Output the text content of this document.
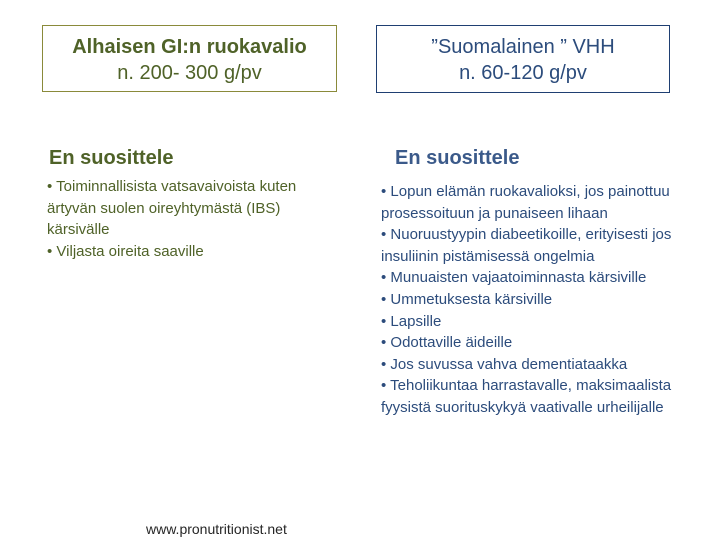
Alhaisen GI:n ruokavalio
n. 200- 300 g/pv
”Suomalainen ” VHH
n. 60-120 g/pv
En suosittele
• Toiminnallisista vatsavaivoista kuten ärtyvän suolen oireyhtymästä (IBS) kärsivälle
• Viljasta oireita saaville
En suosittele
• Lopun elämän ruokavalioksi, jos painottuu prosessoituun ja punaiseen lihaan
• Nuoruustyypin diabeetikoille, erityisesti jos insuliinin pistämisessä ongelmia
• Munuaisten vajaatoiminnasta kärsiville
• Ummetuksesta kärsiville
• Lapsille
• Odottaville äideille
• Jos suvussa vahva dementiataakka
• Teholiikuntaa harrastavalle, maksimaalista fyysistä suorituskykyä vaativalle urheilijalle
www.pronutritionist.net
